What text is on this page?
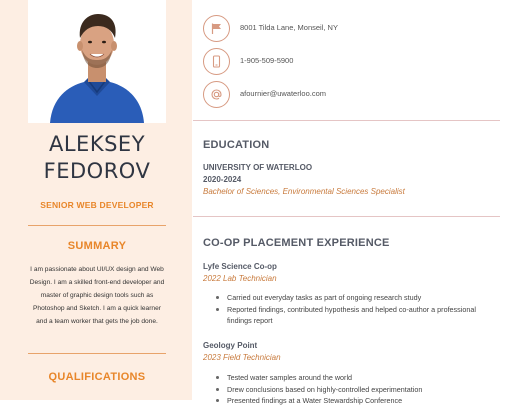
ALEKSEY
FEDOROV
SENIOR WEB DEVELOPER
SUMMARY
I am passionate about UI/UX design and Web Design. I am a skilled front-end developer and master of graphic design tools such as Photoshop and Sketch. I am a quick learner and a team worker that gets the job done.
QUALIFICATIONS
8001 Tilda Lane, Monseil, NY
1-905-509-5900
afournier@uwaterloo.com
EDUCATION
UNIVERSITY OF WATERLOO
2020-2024
Bachelor of Sciences, Environmental Sciences Specialist
CO-OP PLACEMENT EXPERIENCE
Lyfe Science Co-op
2022 Lab Technician
Carried out everyday tasks as part of ongoing research study
Reported findings, contributed hypothesis and helped co-author a professional findings report
Geology Point
2023 Field Technician
Tested water samples around the world
Drew conclusions based on highly-controlled experimentation
Presented findings at a Water Stewardship Conference
